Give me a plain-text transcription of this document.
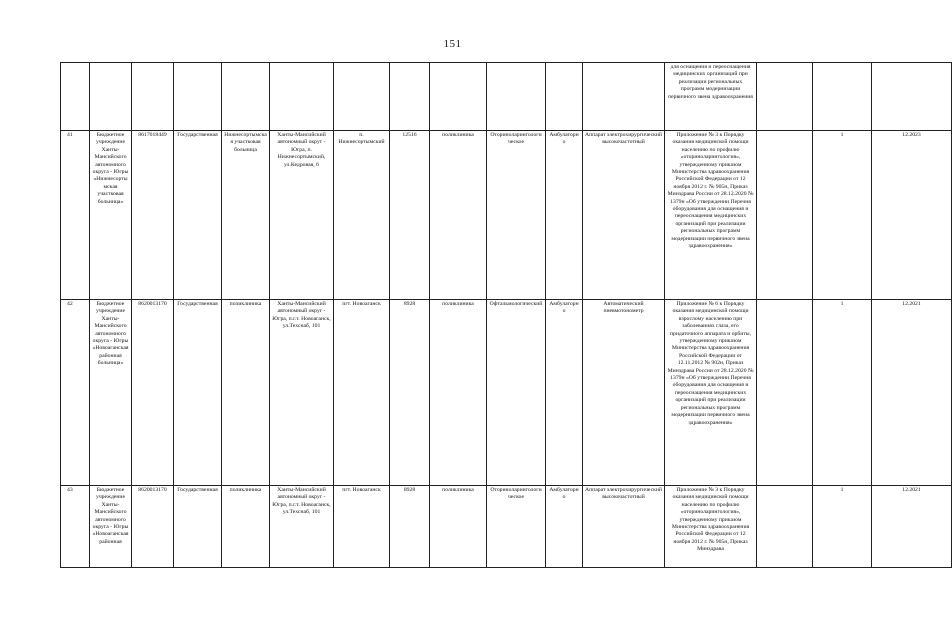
151
												для оснащения и переоснащения медицинских организаций при реализации региональных программ модернизации первичного звена здравоохранения			
41	Бюджетное учреждение Ханты-Мансийского автономного округа - Югры «Нижнесортымская участковая больница»	8617018449	Государственная	Нижнесортымская участковая больница	Ханты-Мансийский автономный округ - Югра, п. Нижнесортымский, ул.Кедровая, 6	п. Нижнесортымский	12516	поликлиника	Оториноларингологическое	Амбулаторно	Аппарат электрохирургический высокочастотный	Приложение № 3 к Порядку оказания медицинской помощи населению по профилю «оториноларингология», утвержденному приказом Министерства здравоохранения Российской Федерации от 12 ноября 2012 г. № 905н, Приказ Минздрава России от 28.12.2020 № 1379н «Об утверждении Перечня оборудования для оснащения и переоснащения медицинских организаций при реализации региональных программ модернизации первичного звена здравоохранения»		1	12.2023
42	Бюджетное учреждение Ханты-Мансийского автономного округа - Югры «Новоаганская районная больница»	8620013170	Государственная	поликлиника	Ханты-Мансийский автономный округ - Югра, п.г.т. Новоаганск, ул.Техснаб, 101	пгт. Новоаганск	8928	поликлиника	Офтальмологический	Амбулаторно	Автоматический пневмотонометр	Приложение № 6 к Порядку оказания медицинской помощи взрослому населению при заболеваниях глаза, его придаточного аппарата и орбиты, утвержденному приказом Министерства здравоохранения Российской Федерации от 12.11.2012 № 902н, Приказ Минздрава России от 28.12.2020 № 1379н «Об утверждении Перечня оборудования для оснащения и переоснащения медицинских организаций при реализации региональных программ модернизации первичного звена здравоохранения»		1	12.2021
43	Бюджетное учреждение Ханты-Мансийского автономного округа - Югры «Новоаганская районная	8620013170	Государственная	поликлиника	Ханты-Мансийский автономный округ - Югра, п.г.т. Новоаганск, ул.Техснаб, 101	пгт. Новоаганск	8928	поликлиника	Оториноларингологическое	Амбулаторно	Аппарат электрохирургический высокочастотный	Приложение № 3 к Порядку оказания медицинской помощи населению по профилю «оториноларингология», утвержденному приказом Министерства здравоохранения Российской Федерации от 12 ноября 2012 г. № 905н, Приказ Минздрава		1	12.2021
